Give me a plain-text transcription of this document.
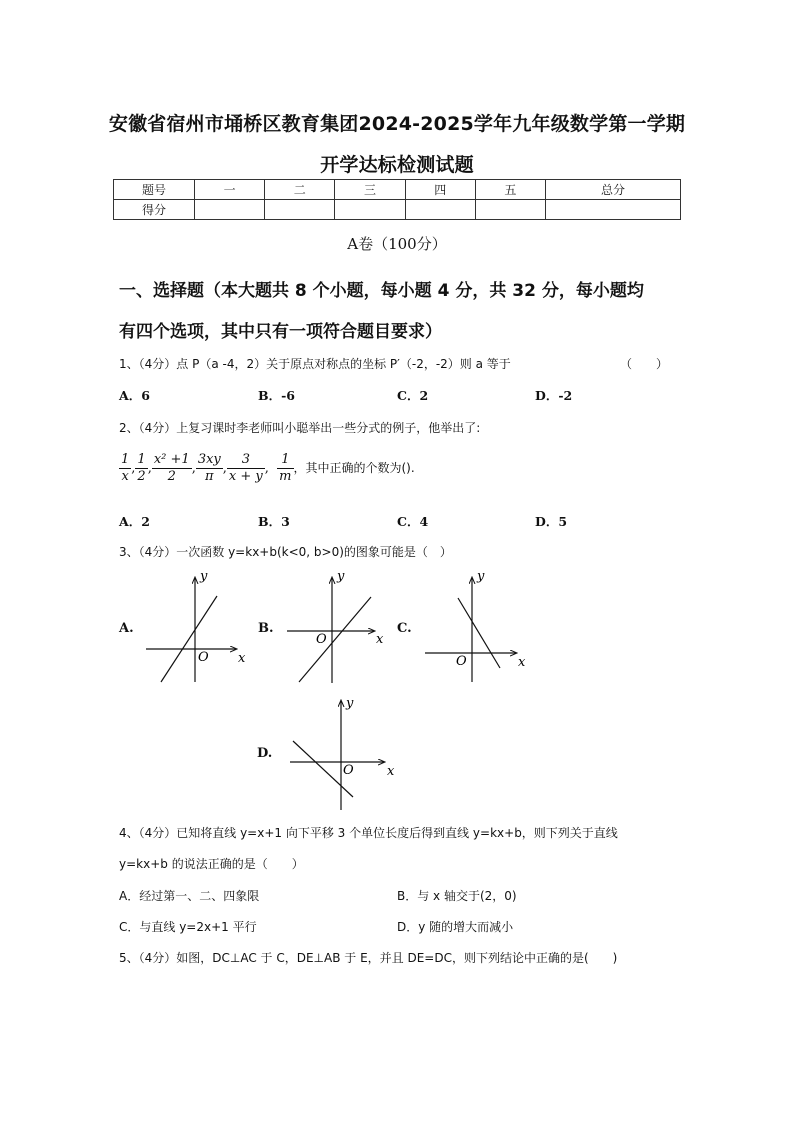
安徽省宿州市埇桥区教育集团2024-2025学年九年级数学第一学期
开学达标检测试题
题号	一	二	三	四	五	总分
得分						
A卷（100分）
一、选择题（本大题共 8 个小题，每小题 4 分，共 32 分，每小题均
有四个选项，其中只有一项符合题目要求）
1、（4分）点 P（a -4，2）关于原点对称点的坐标 P′（-2，-2）则 a 等于	（　　）
A．6	B．-6	C．2	D．-2
2、（4分）上复习课时李老师叫小聪举出一些分式的例子，他举出了:
$\frac{1}{x}$ , $\frac{1}{2}$ , $\frac{\text{x² +1}}{2}$ , $\frac{3xy}{\pi}$ , $\frac{3}{x + y}$ , $\frac{1}{m}$ ，其中正确的个数为().
A．2	B．3	C．4	D．5
3、（4分）一次函数 y=kx+b(k<0, b>0)的图象可能是（　）
A.	B.	C.
D.
O x
y
O	x
y
O	x
y
O	x
y
4、（4分）已知将直线 y=x+1 向下平移 3 个单位长度后得到直线 y=kx+b，则下列关于直线
y=kx+b 的说法正确的是（　　）
A．经过第一、二、四象限	B．与 x 轴交于(2，0)
C．与直线 y=2x+1 平行	D．y 随的增大而减小
5、（4分）如图，DC⊥AC 于 C，DE⊥AB 于 E，并且 DE=DC，则下列结论中正确的是(　　)
